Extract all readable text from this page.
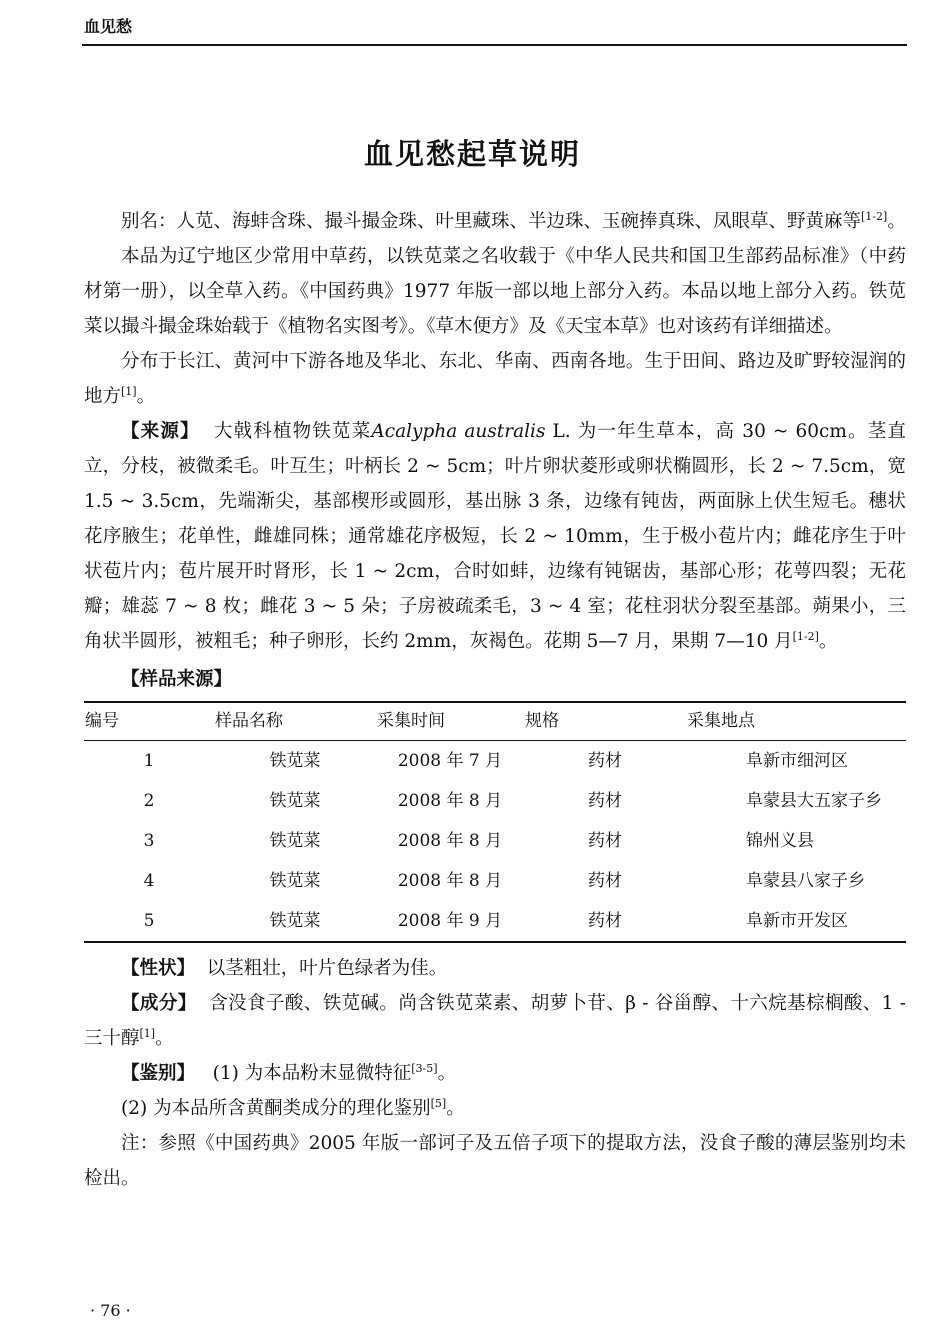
血见愁
血见愁起草说明

别名：人苋、海蚌含珠、撮斗撮金珠、叶里藏珠、半边珠、玉碗捧真珠、凤眼草、野黄麻等[1-2]。

本品为辽宁地区少常用中草药，以铁苋菜之名收载于《中华人民共和国卫生部药品标准》（中药材第一册），以全草入药。《中国药典》1977 年版一部以地上部分入药。本品以地上部分入药。铁苋菜以撮斗撮金珠始载于《植物名实图考》。《草木便方》及《天宝本草》也对该药有详细描述。

分布于长江、黄河中下游各地及华北、东北、华南、西南各地。生于田间、路边及旷野较湿润的地方[1]。

【来源】 大戟科植物铁苋菜Acalypha australis L. 为一年生草本，高 30 ~ 60cm。茎直立，分枝，被微柔毛。叶互生；叶柄长 2 ~ 5cm；叶片卵状菱形或卵状椭圆形，长 2 ~ 7.5cm，宽 1.5 ~ 3.5cm，先端渐尖，基部楔形或圆形，基出脉 3 条，边缘有钝齿，两面脉上伏生短毛。穗状花序腋生；花单性，雌雄同株；通常雄花序极短，长 2 ~ 10mm，生于极小苞片内；雌花序生于叶状苞片内；苞片展开时肾形，长 1 ~ 2cm，合时如蚌，边缘有钝锯齿，基部心形；花萼四裂；无花瓣；雄蕊 7 ~ 8 枚；雌花 3 ~ 5 朵；子房被疏柔毛，3 ~ 4 室；花柱羽状分裂至基部。蒴果小，三角状半圆形，被粗毛；种子卵形，长约 2mm，灰褐色。花期 5—7 月，果期 7—10 月[1-2]。

【样品来源】
编号	样品名称	采集时间	规格	采集地点
1	铁苋菜	2008 年 7 月	药材	阜新市细河区
2	铁苋菜	2008 年 8 月	药材	阜蒙县大五家子乡
3	铁苋菜	2008 年 8 月	药材	锦州义县
4	铁苋菜	2008 年 8 月	药材	阜蒙县八家子乡
5	铁苋菜	2008 年 9 月	药材	阜新市开发区

【性状】 以茎粗壮，叶片色绿者为佳。

【成分】 含没食子酸、铁苋碱。尚含铁苋菜素、胡萝卜苷、β - 谷甾醇、十六烷基棕榈酸、1 - 三十醇[1]。

【鉴别】 (1) 为本品粉末显微特征[3-5]。

(2) 为本品所含黄酮类成分的理化鉴别[5]。

注：参照《中国药典》2005 年版一部诃子及五倍子项下的提取方法，没食子酸的薄层鉴别均未检出。

· 76 ·
